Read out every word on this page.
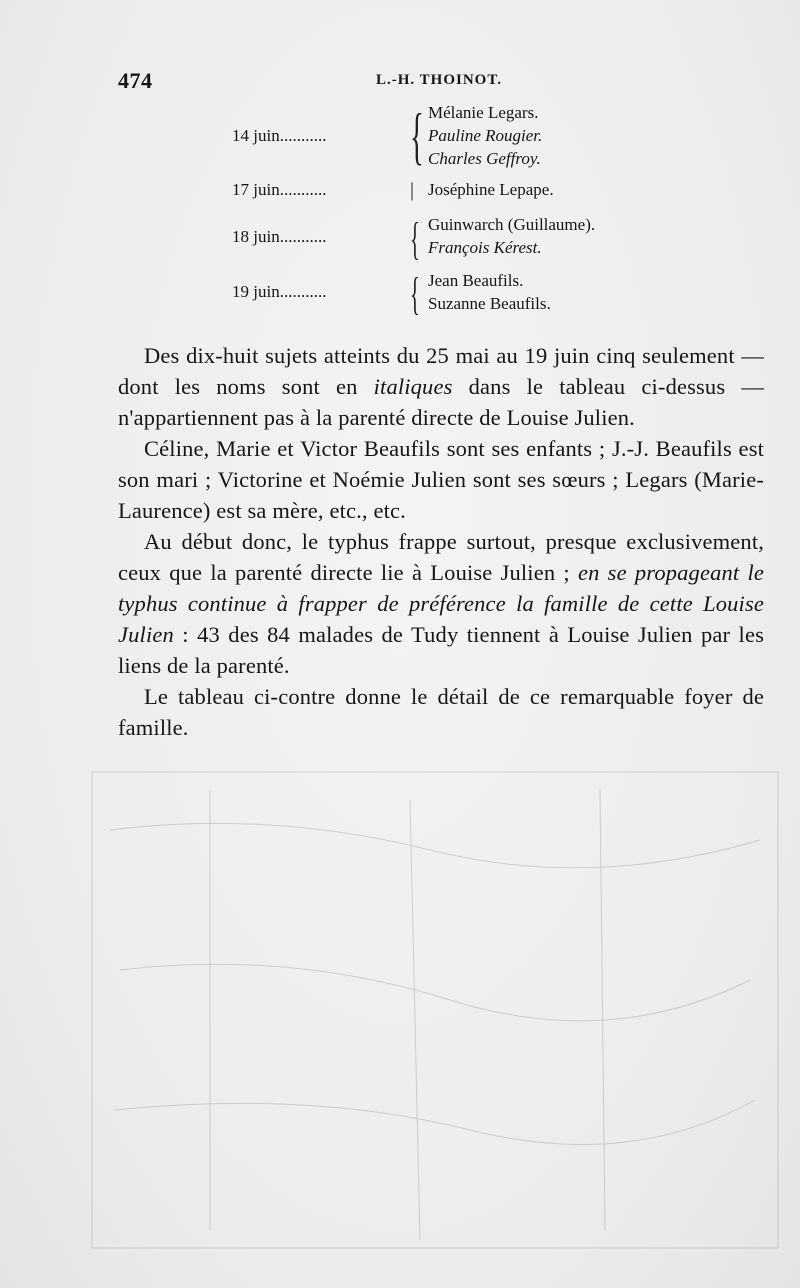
474	L.-H. THOINOT.
14 juin........... { Mélanie Legars.
Pauline Rougier.
Charles Geffroy.
17 juin...........	| Joséphine Lepape.
18 juin........... { Guinwarch (Guillaume).
François Kérest.
19 juin........... { Jean Beaufils.
Suzanne Beaufils.

Des dix-huit sujets atteints du 25 mai au 19 juin cinq seulement — dont les noms sont en italiques dans le tableau ci-dessus — n'appartiennent pas à la parenté directe de Louise Julien.

Céline, Marie et Victor Beaufils sont ses enfants ; J.-J. Beaufils est son mari ; Victorine et Noémie Julien sont ses sœurs ; Legars (Marie-Laurence) est sa mère, etc., etc.

Au début donc, le typhus frappe surtout, presque exclusivement, ceux que la parenté directe lie à Louise Julien ; en se propageant le typhus continue à frapper de préférence la famille de cette Louise Julien : 43 des 84 malades de Tudy tiennent à Louise Julien par les liens de la parenté.

Le tableau ci-contre donne le détail de ce remarquable foyer de famille.
